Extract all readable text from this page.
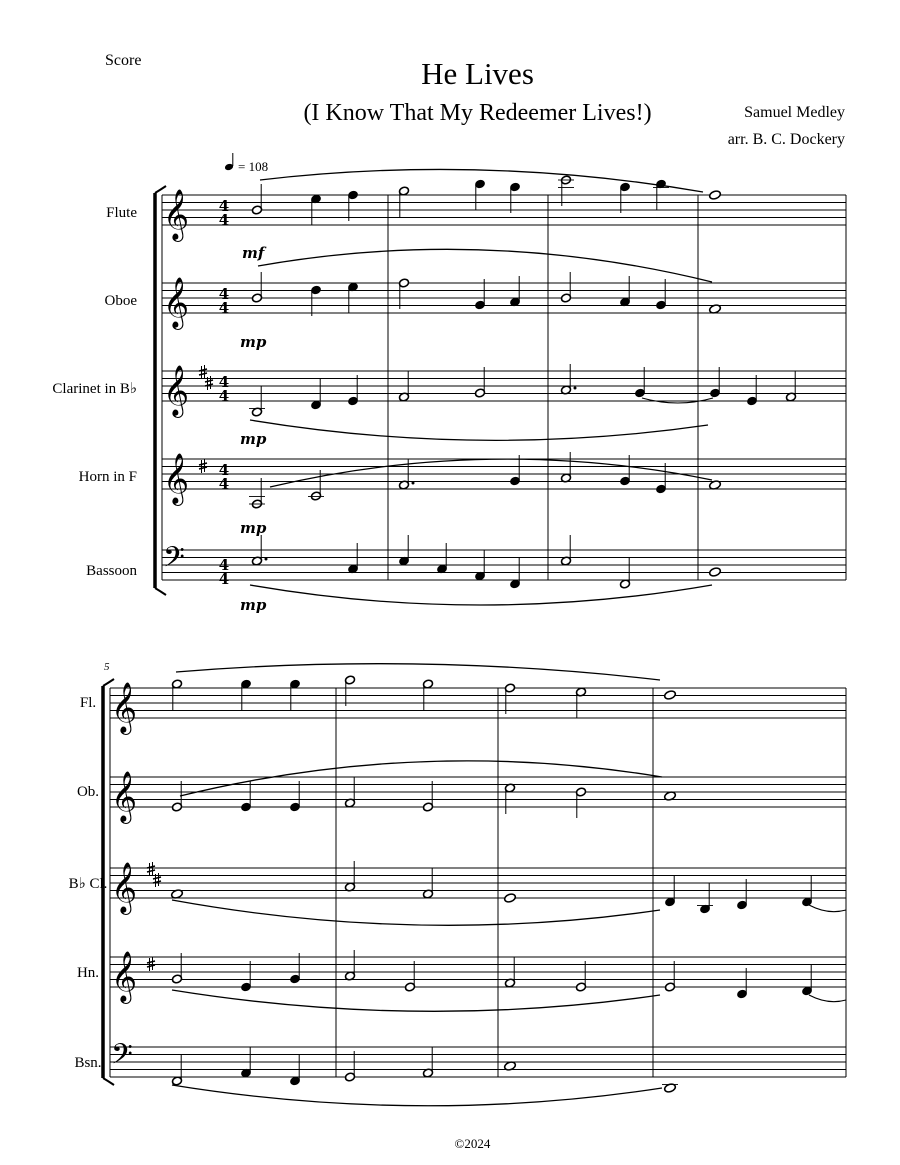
Score	He Lives
(I Know That My Redeemer Lives!)	Samuel Medley
arr. B. C. Dockery
©2024
= 108
Flute
Oboe
Clarinet in B♭
Horn in F
Bassoon
Fl.
Ob.
B♭ Cl.
Hn.
Bsn.
5
4
4
4
4
4
4
4
4
4
4
mf
mp
mp
mp
mp
𝄞
𝄞
𝄞
𝄞
𝄢
𝄞
𝄞
𝄞
𝄞
𝄢
